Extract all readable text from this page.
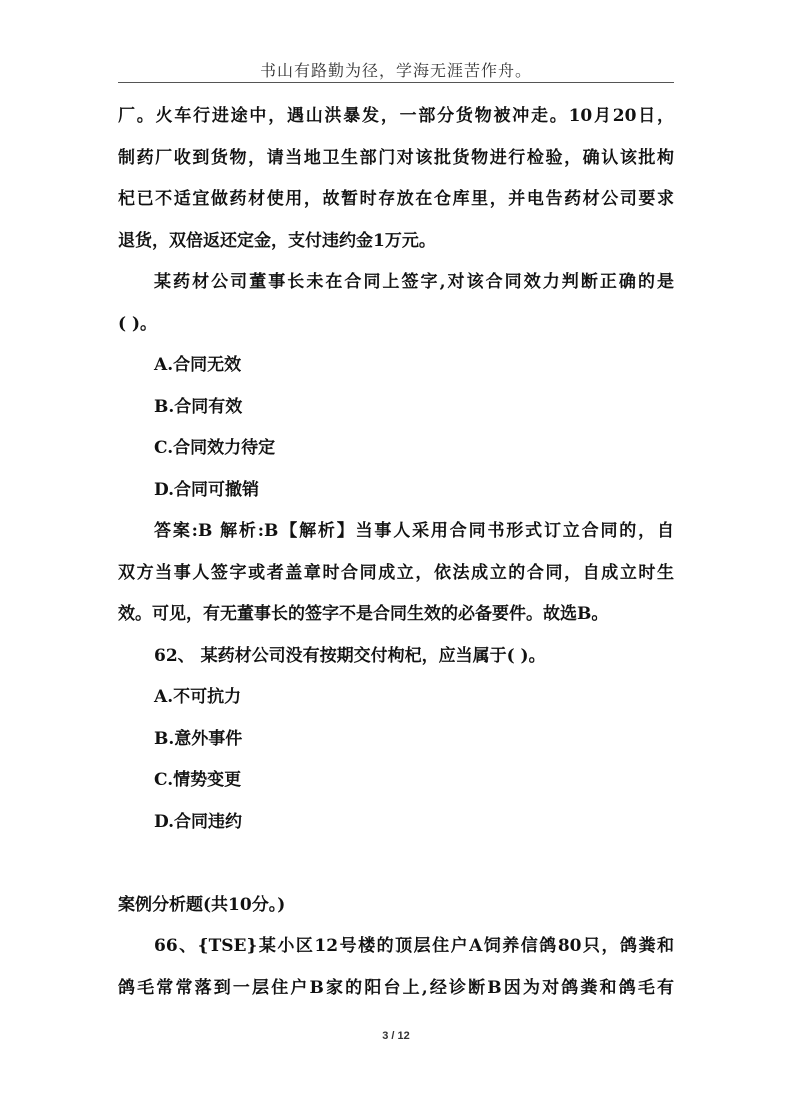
书山有路勤为径，学海无涯苦作舟。
厂。火车行进途中，遇山洪暴发，一部分货物被冲走。10月20日，
制药厂收到货物，请当地卫生部门对该批货物进行检验，确认该批枸
杞已不适宜做药材使用，故暂时存放在仓库里，并电告药材公司要求
退货，双倍返还定金，支付违约金1万元。
某药材公司董事长未在合同上签字,对该合同效力判断正确的是
( )。
A.合同无效
B.合同有效
C.合同效力待定
D.合同可撤销
答案:B 解析:B【解析】当事人采用合同书形式订立合同的，自
双方当事人签字或者盖章时合同成立，依法成立的合同，自成立时生
效。可见，有无董事长的签字不是合同生效的必备要件。故选B。
62、 某药材公司没有按期交付枸杞，应当属于( )。
A.不可抗力
B.意外事件
C.情势变更
D.合同违约
案例分析题(共10分。)
66、{TSE}某小区12号楼的顶层住户A饲养信鸽80只，鸽粪和
鸽毛常常落到一层住户B家的阳台上,经诊断B因为对鸽粪和鸽毛有
3 / 12
